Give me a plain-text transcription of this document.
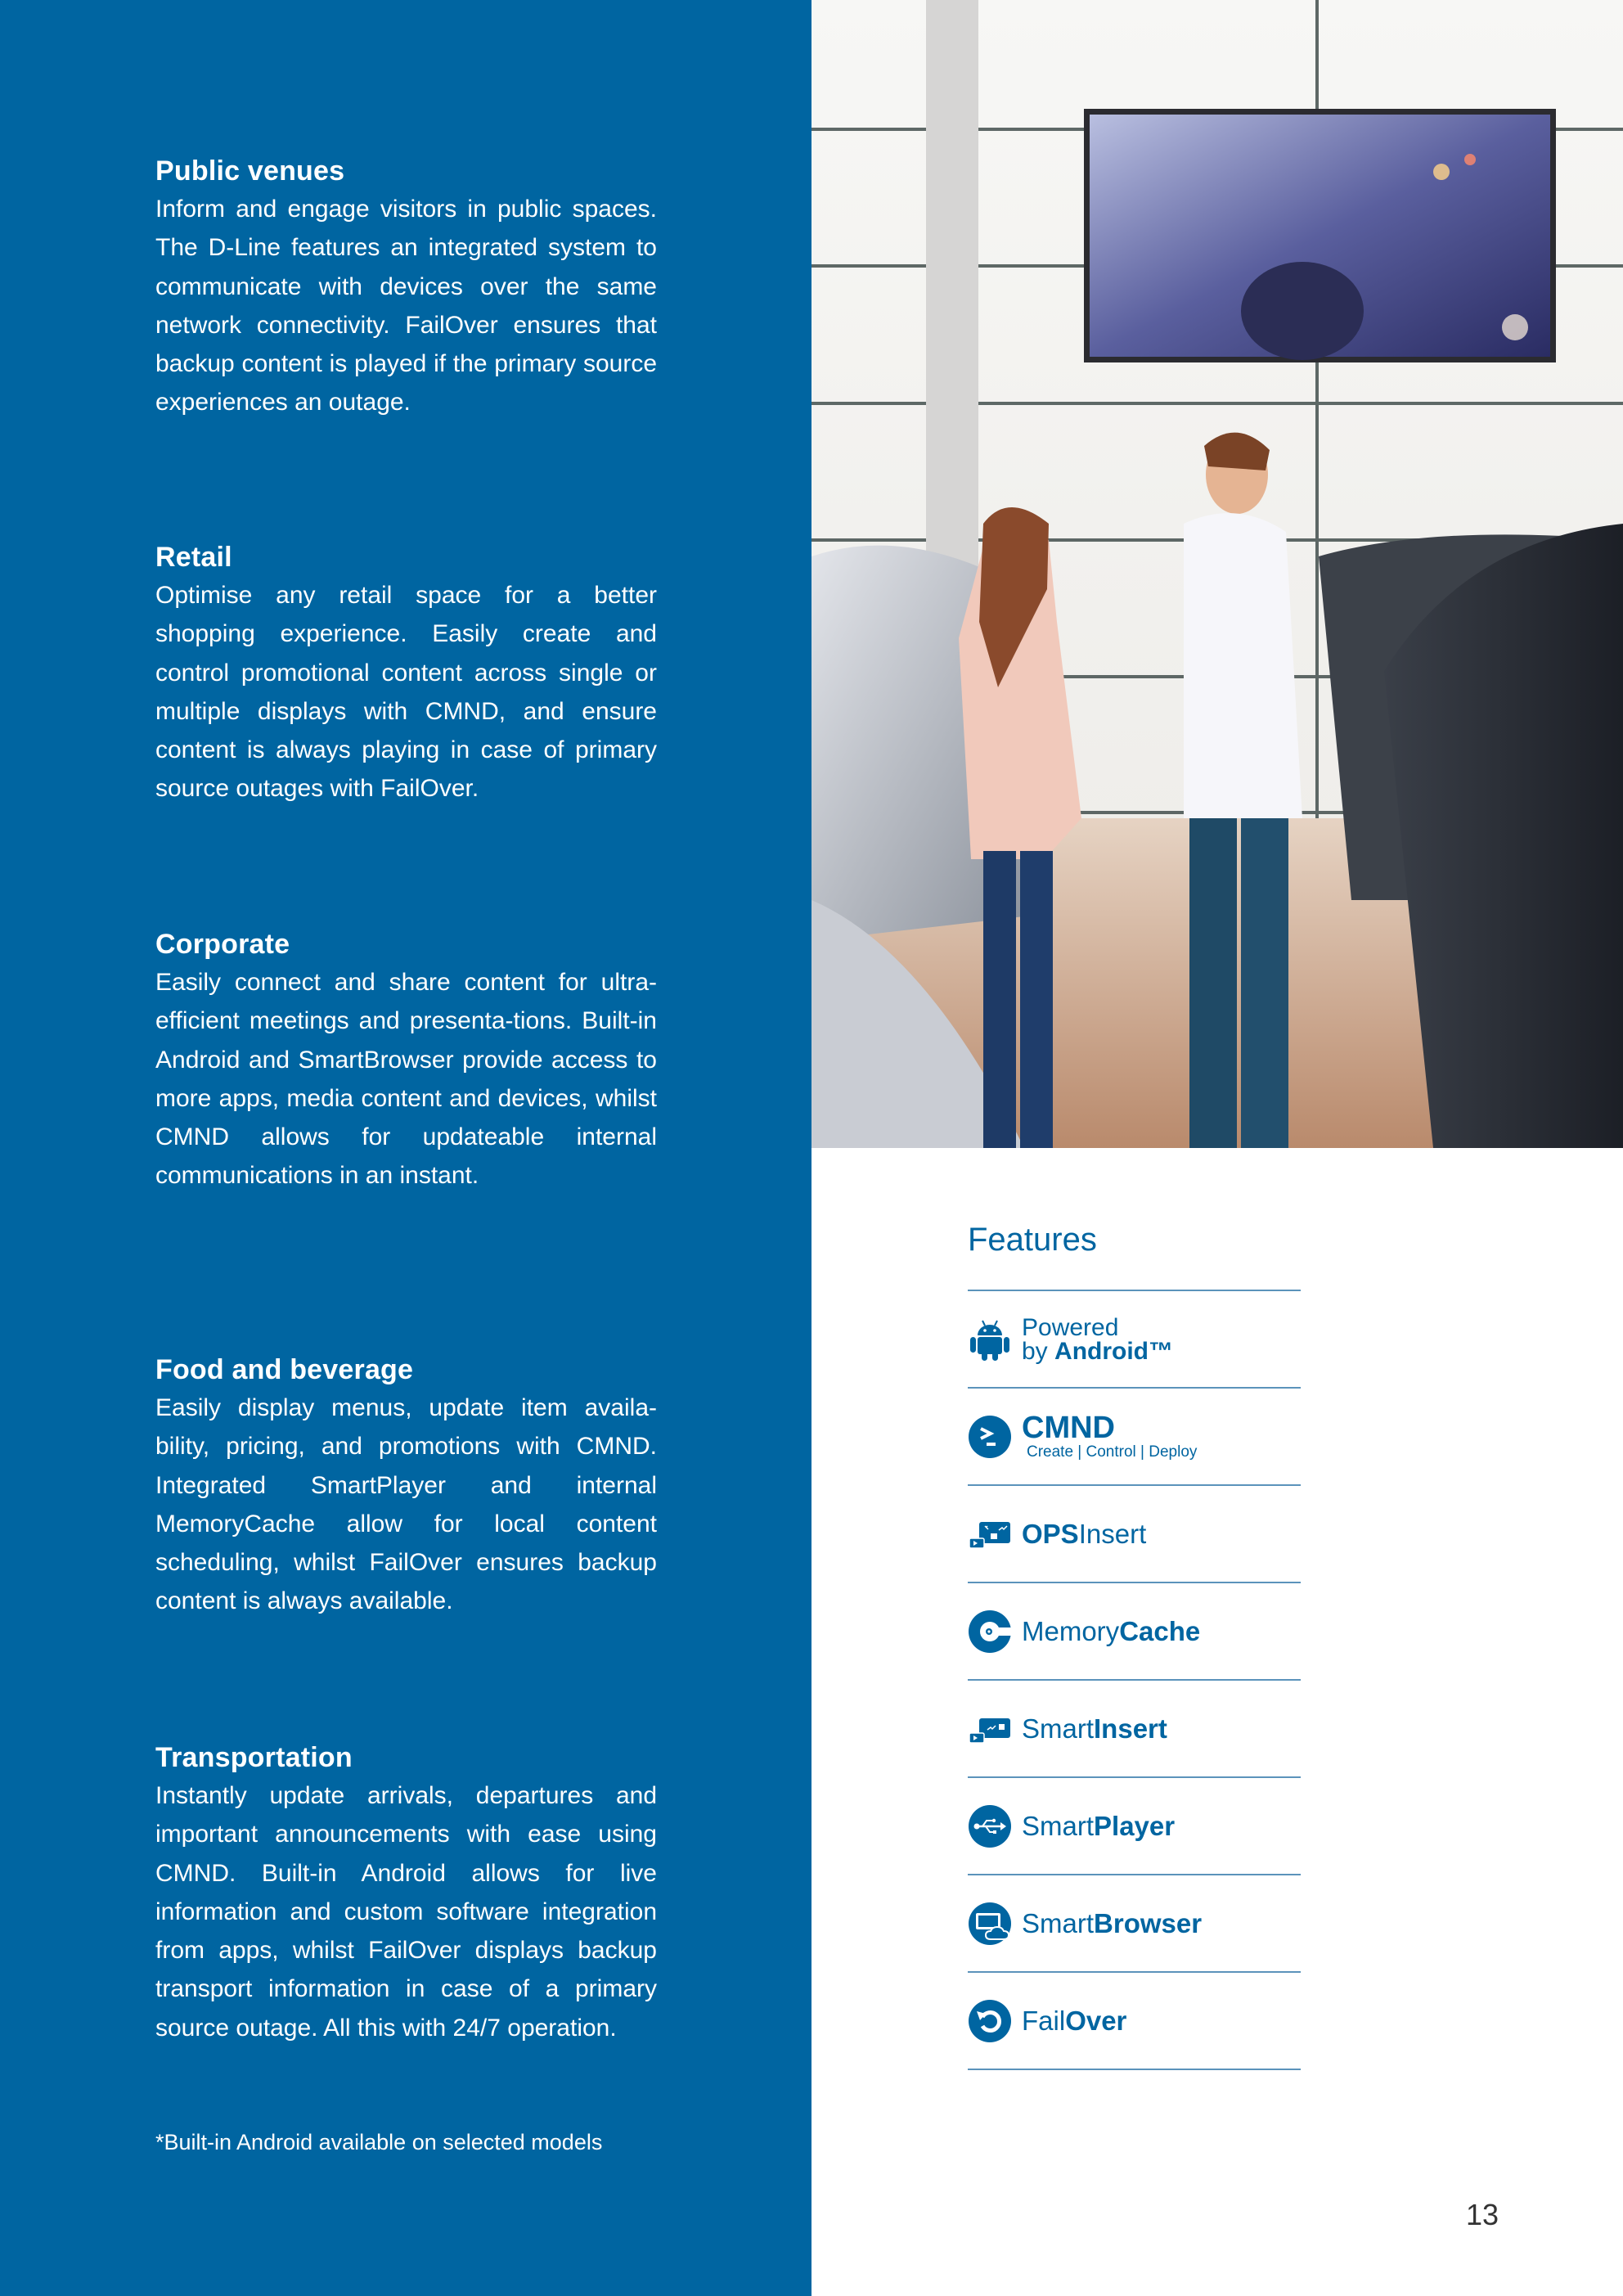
Public venues

Inform and engage visitors in public spaces. The D-Line features an integrated system to communicate with devices over the same network connectivity. FailOver ensures that backup content is played if the primary source experiences an outage.

Retail

Optimise any retail space for a better shopping experience. Easily create and control promotional content across single or multiple displays with CMND, and ensure content is always playing in case of primary source outages with FailOver.

Corporate

Easily connect and share content for ultra-efficient meetings and presenta-tions. Built-in Android and SmartBrowser provide access to more apps, media content and devices, whilst CMND allows for updateable internal communications in an instant.

Food and beverage

Easily display menus, update item availa-bility, pricing, and promotions with CMND. Integrated SmartPlayer and internal MemoryCache allow for local content scheduling, whilst FailOver ensures backup content is always available.

Transportation

Instantly update arrivals, departures and important announcements with ease using CMND. Built-in Android allows for live information and custom software integration from apps, whilst FailOver displays backup transport information in case of a primary source outage. All this with 24/7 operation.

*Built-in Android available on selected models
Features
Powered
by Android™
CMND
Create | Control | Deploy
OPSInsert
MemoryCache
SmartInsert
SmartPlayer
SmartBrowser
FailOver
13
